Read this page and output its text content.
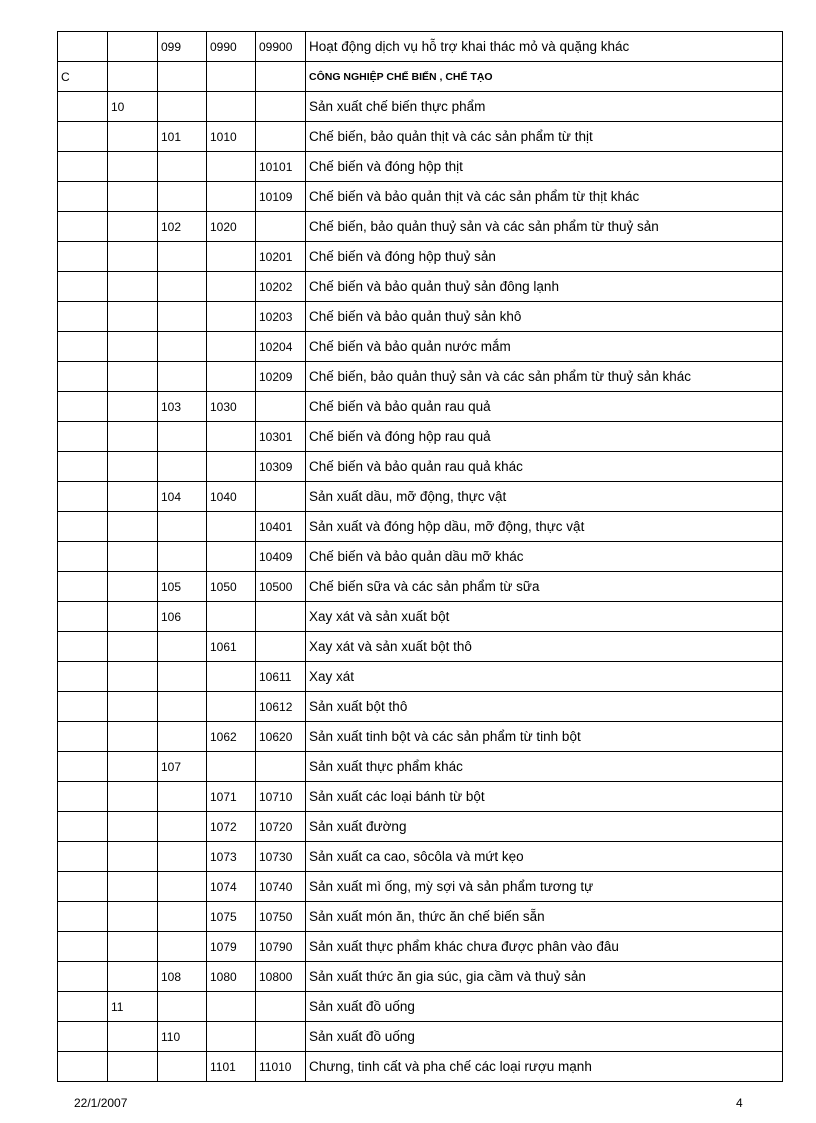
		099	0990	09900	Hoạt động dịch vụ hỗ trợ khai thác mỏ và quặng khác
C					CÔNG NGHIỆP CHẾ BIẾN , CHẾ TẠO
	10				Sản xuất chế biến thực phẩm
		101	1010		Chế biến, bảo quản thịt và các sản phẩm từ thịt
				10101	Chế biến và đóng hộp thịt
				10109	Chế biến và bảo quản thịt và các sản phẩm từ thịt khác
		102	1020		Chế biến, bảo quản thuỷ sản và các sản phẩm từ thuỷ sản
				10201	Chế biến và đóng hộp thuỷ sản
				10202	Chế biến và bảo quản thuỷ sản đông lạnh
				10203	Chế biến và bảo quản thuỷ sản khô
				10204	Chế biến và bảo quản nước mắm
				10209	Chế biến, bảo quản thuỷ sản và các sản phẩm từ thuỷ sản khác
		103	1030		Chế biến và bảo quản rau quả
				10301	Chế biến và đóng hộp rau quả
				10309	Chế biến và bảo quản rau quả khác
		104	1040		Sản xuất dầu, mỡ động, thực vật
				10401	Sản xuất và đóng hộp dầu, mỡ động, thực vật
				10409	Chế biến và bảo quản dầu mỡ khác
		105	1050	10500	Chế biến sữa và các sản phẩm từ sữa
		106			Xay xát và sản xuất bột
			1061		Xay xát và sản xuất bột thô
				10611	Xay xát
				10612	Sản xuất bột thô
			1062	10620	Sản xuất tinh bột và các sản phẩm từ tinh bột
		107			Sản xuất thực phẩm khác
			1071	10710	Sản xuất các loại bánh từ bột
			1072	10720	Sản xuất đường
			1073	10730	Sản xuất ca cao, sôcôla và mứt kẹo
			1074	10740	Sản xuất mì ống, mỳ sợi và sản phẩm tương tự
			1075	10750	Sản xuất món ăn, thức ăn chế biến sẵn
			1079	10790	Sản xuất thực phẩm khác chưa được phân vào đâu
		108	1080	10800	Sản xuất thức ăn gia súc, gia cầm và thuỷ sản
	11				Sản xuất đồ uống
		110			Sản xuất đồ uống
			1101	11010	Chưng, tinh cất và pha chế các loại rượu mạnh
22/1/2007	4
